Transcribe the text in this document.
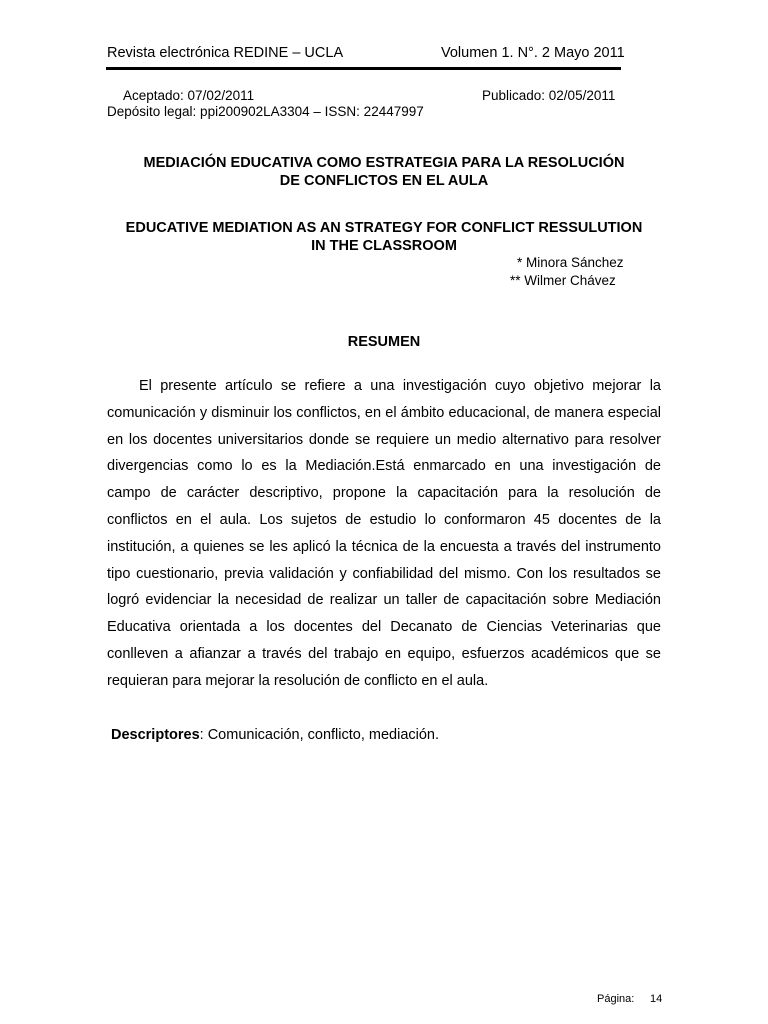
Revista electrónica REDINE – UCLA	Volumen 1. N°. 2 Mayo 2011
Aceptado: 07/02/2011	Publicado: 02/05/2011
Depósito legal: ppi200902LA3304 – ISSN: 22447997
MEDIACIÓN EDUCATIVA COMO ESTRATEGIA PARA LA RESOLUCIÓN
DE CONFLICTOS EN EL AULA
EDUCATIVE MEDIATION AS AN STRATEGY FOR CONFLICT RESSULUTION
IN THE CLASSROOM
* Minora Sánchez
** Wilmer Chávez
RESUMEN

El presente artículo se refiere a una investigación cuyo objetivo mejorar la comunicación y disminuir los conflictos, en el ámbito educacional, de manera especial en los docentes universitarios donde se requiere un medio alternativo para resolver divergencias como lo es la Mediación.Está enmarcado en una investigación de campo de carácter descriptivo, propone la capacitación para la resolución de conflictos en el aula. Los sujetos de estudio lo conformaron 45 docentes de la institución, a quienes se les aplicó la técnica de la encuesta a través del instrumento tipo cuestionario, previa validación y confiabilidad del mismo. Con los resultados se logró evidenciar la necesidad de realizar un taller de capacitación sobre Mediación Educativa orientada a los docentes del Decanato de Ciencias Veterinarias que conlleven a afianzar a través del trabajo en equipo, esfuerzos académicos que se requieran para mejorar la resolución de conflicto en el aula.

Descriptores: Comunicación, conflicto, mediación.
Página: 14
